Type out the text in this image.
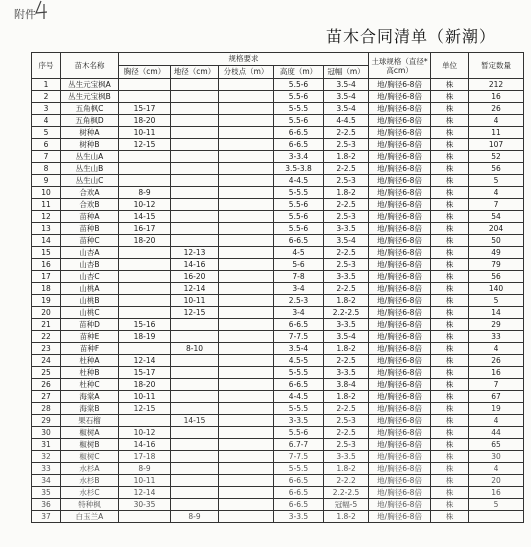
附件
苗木合同清单（新潮）
序号	苗木名称	规格要求					土球规格（直径*高cm）	单位	暂定数量
		胸径（cm）	地径（cm）	分枝点（m）	高度（m）	冠幅（m）			
1	丛生元宝枫A				5.5-6	3.5-4	地/胸径6-8倍	株	212
2	丛生元宝枫B				5.5-6	3.5-4	地/胸径6-8倍	株	16
3	五角枫C	15-17			5-5.5	3.5-4	地/胸径6-8倍	株	26
4	五角枫D	18-20			5.5-6	4-4.5	地/胸径6-8倍	株	4
5	树种A	10-11			6-6.5	2-2.5	地/胸径6-8倍	株	11
6	树种B	12-15			6-6.5	2.5-3	地/胸径6-8倍	株	107
7	丛生山A				3-3.4	1.8-2	地/胸径6-8倍	株	52
8	丛生山B				3.5-3.8	2-2.5	地/胸径6-8倍	株	56
9	丛生山C				4-4.5	2.5-3	地/胸径6-8倍	株	5
10	合欢A	8-9			5-5.5	1.8-2	地/胸径6-8倍	株	4
11	合欢B	10-12			5.5-6	2-2.5	地/胸径6-8倍	株	7
12	苗种A	14-15			5.5-6	2.5-3	地/胸径6-8倍	株	54
13	苗种B	16-17			5.5-6	3-3.5	地/胸径6-8倍	株	204
14	苗种C	18-20			6-6.5	3.5-4	地/胸径6-8倍	株	50
15	山杏A		12-13		4-5	2-2.5	地/胸径6-8倍	株	49
16	山杏B		14-16		5-6	2.5-3	地/胸径6-8倍	株	79
17	山杏C		16-20		7-8	3-3.5	地/胸径6-8倍	株	56
18	山桃A		12-14		3-4	2-2.5	地/胸径6-8倍	株	140
19	山桃B		10-11		2.5-3	1.8-2	地/胸径6-8倍	株	5
20	山桃C		12-15		3-4	2.2-2.5	地/胸径6-8倍	株	14
21	苗种D	15-16			6-6.5	3-3.5	地/胸径6-8倍	株	29
22	苗种E	18-19			7-7.5	3.5-4	地/胸径6-8倍	株	33
23	苗种F		8-10		3.5-4	1.8-2	地/胸径6-8倍	株	4
24	杜种A	12-14			4.5-5	2-2.5	地/胸径6-8倍	株	26
25	杜种B	15-17			5-5.5	3-3.5	地/胸径6-8倍	株	16
26	杜种C	18-20			6-6.5	3.8-4	地/胸径6-8倍	株	7
27	海棠A	10-11			4-4.5	1.8-2	地/胸径6-8倍	株	67
28	海棠B	12-15			5-5.5	2-2.5	地/胸径6-8倍	株	19
29	果石榴		14-15		3-3.5	2.5-3	地/胸径6-8倍	株	4
30	椒树A	10-12			5.5-6	2-2.5	地/胸径6-8倍	株	44
31	椒树B	14-16			6.7-7	2.5-3	地/胸径6-8倍	株	65
32	椒树C	17-18			7-7.5	3-3.5	地/胸径6-8倍	株	30
33	水杉A	8-9			5-5.5	1.8-2	地/胸径6-8倍	株	4
34	水杉B	10-11			6-6.5	2-2.2	地/胸径6-8倍	株	20
35	水杉C	12-14			6-6.5	2.2-2.5	地/胸径6-8倍	株	16
36	特种枫	30-35			6-6.5	冠幅-5	地/胸径6-8倍	株	5
37	白玉兰A		8-9		3-3.5	1.8-2	地/胸径6-8倍	株	
